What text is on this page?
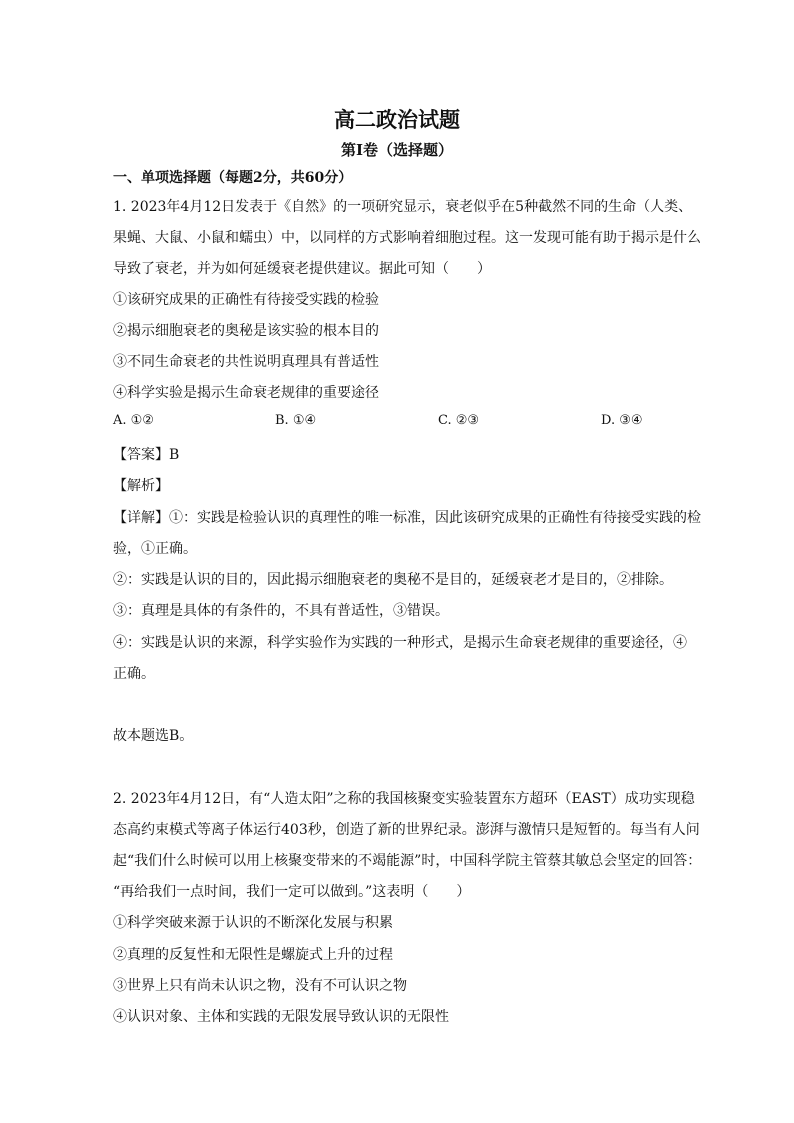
高二政治试题
第I卷（选择题）
一、单项选择题（每题2分，共60分）
1. 2023年4月12日发表于《自然》的一项研究显示，衰老似乎在5种截然不同的生命（人类、
果蝇、大鼠、小鼠和蠕虫）中，以同样的方式影响着细胞过程。这一发现可能有助于揭示是什么
导致了衰老，并为如何延缓衰老提供建议。据此可知（　　）
①该研究成果的正确性有待接受实践的检验
②揭示细胞衰老的奥秘是该实验的根本目的
③不同生命衰老的共性说明真理具有普适性
④科学实验是揭示生命衰老规律的重要途径
A. ①②	B. ①④	C. ②③	D. ③④
【答案】B
【解析】
【详解】①：实践是检验认识的真理性的唯一标准，因此该研究成果的正确性有待接受实践的检
验，①正确。
②：实践是认识的目的，因此揭示细胞衰老的奥秘不是目的，延缓衰老才是目的，②排除。
③：真理是具体的有条件的，不具有普适性，③错误。
④：实践是认识的来源，科学实验作为实践的一种形式，是揭示生命衰老规律的重要途径，④
正确。
故本题选B。
2. 2023年4月12日，有“人造太阳”之称的我国核聚变实验装置东方超环（EAST）成功实现稳
态高约束模式等离子体运行403秒，创造了新的世界纪录。澎湃与激情只是短暂的。每当有人问
起“我们什么时候可以用上核聚变带来的不竭能源”时，中国科学院主管蔡其敏总会坚定的回答：
“再给我们一点时间，我们一定可以做到。”这表明（　　）
①科学突破来源于认识的不断深化发展与积累
②真理的反复性和无限性是螺旋式上升的过程
③世界上只有尚未认识之物，没有不可认识之物
④认识对象、主体和实践的无限发展导致认识的无限性
